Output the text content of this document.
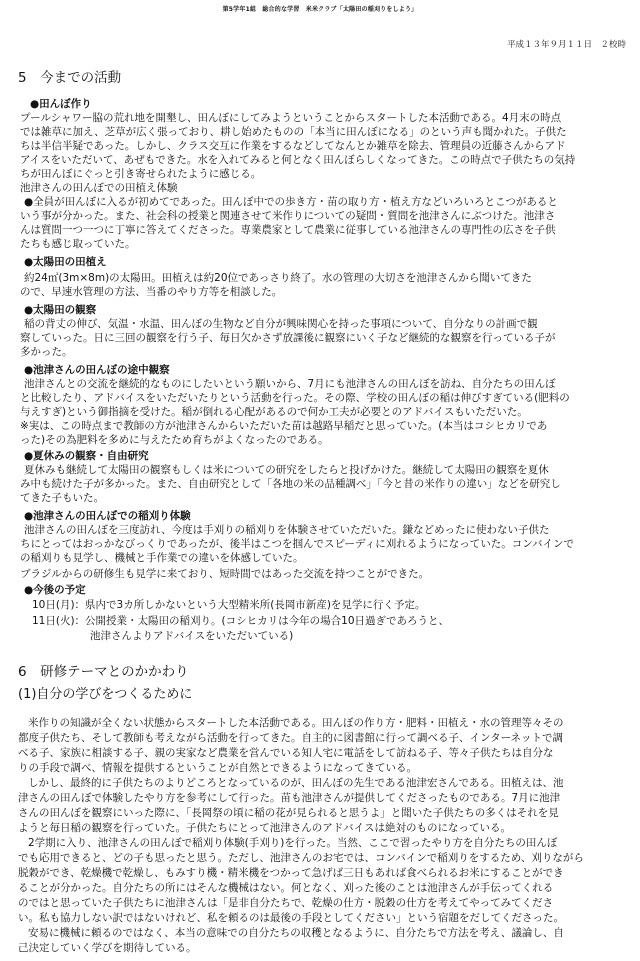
第5学年1組　総合的な学習　米米クラブ「太陽田の稲刈りをしよう」
平成１３年９月１１日　２校時
5　今までの活動
●田んぼ作り
プールシャワー脇の荒れ地を開墾し、田んぼにしてみようということからスタートした本活動である。4月末の時点
では雑草に加え、芝草が広く張っており、耕し始めたものの「本当に田んぼになる」のという声も聞かれた。子供た
ちは半信半疑であった。しかし、クラス交互に作業をするなどしてなんとか雑草を除去、管理員の近藤さんからアド
アイスをいただいて、あぜもできた。水を入れてみると何となく田んぼらしくなってきた。この時点で子供たちの気持
ちが田んぼにぐっと引き寄せられたように感じる。
池津さんの田んぼでの田植え体験
●全員が田んぼに入るが初めてであった。田んぼ中での歩き方・苗の取り方・植え方などいろいろとこつがあると
いう事が分かった。また、社会科の授業と関連させて米作りについての疑問・質問を池津さんにぶつけた。池津さ
んは質問一つ一つに丁寧に答えてくださった。専業農家として農業に従事している池津さんの専門性の広さを子供
たちも感じ取っていた。
●太陽田の田植え
約24㎡(3m×8m)の太陽田。田植えは約20位であっさり終了。水の管理の大切さを池津さんから聞いてきた
ので、早速水管理の方法、当番のやり方等を相談した。
●太陽田の観察
稲の背丈の伸び、気温・水温、田んぼの生物など自分が興味関心を持った事項について、自分なりの計画で観
察していった。日に三回の観察を行う子、毎日欠かさず放課後に観察にいく子など継続的な観察を行っている子が
多かった。
●池津さんの田んぼの途中観察
池津さんとの交流を継続的なものにしたいという願いから、7月にも池津さんの田んぼを訪ね、自分たちの田んぼ
と比較したり、アドバイスをいただいたりという活動を行った。その際、学校の田んぼの稲は伸びすぎている(肥料の
与えすぎ)という御指摘を受けた。稲が倒れる心配があるので何か工夫が必要とのアドバイスもいただいた。
※実は、この時点まで教師の方が池津さんからいただいた苗は越路早稲だと思っていた。(本当はコシヒカリであ
った)その為肥料を多めに与えたため育ちがよくなったのである。
●夏休みの観察・自由研究
夏休みも継続して太陽田の観察もしくは米についての研究をしたらと投げかけた。継続して太陽田の観察を夏休
み中も続けた子が多かった。また、自由研究として「各地の米の品種調べ」「今と昔の米作りの違い」などを研究し
てきた子もいた。
●池津さんの田んぼでの稲刈り体験
池津さんの田んぼを三度訪れ、今度は手刈りの稲刈りを体験させていただいた。鎌などめったに使わない子供た
ちにとってはおっかなびっくりであったが、後半はこつを掴んでスピーディに刈れるようになっていた。コンバインで
の稲刈りも見学し、機械と手作業での違いを体感していた。
ブラジルからの研修生も見学に来ており、短時間ではあった交流を持つことができた。
●今後の予定
10日(月)：県内で3カ所しかないという大型精米所(長岡市新産)を見学に行く予定。
11日(火)：公開授業・太陽田の稲刈り。(コシヒカリは今年の場合10日過ぎであろうと、
池津さんよりアドバイスをいただいている)
6　研修テーマとのかかわり
(1)自分の学びをつくるために
米作りの知識が全くない状態からスタートした本活動である。田んぼの作り方・肥料・田植え・水の管理等々その
都度子供たち、そして教師も考えながら活動を行ってきた。自主的に図書館に行って調べる子、インターネットで調
べる子、家族に相談する子、親の実家など農業を営んでいる知人宅に電話をして訪ねる子、等々子供たちは自分な
りの手段で調べ、情報を提供するということが自然とできるようになってきている。
しかし、最終的に子供たちのよりどころとなっているのが、田んぼの先生である池津宏さんである。田植えは、池
津さんの田んぼで体験したやり方を参考にして行った。苗も池津さんが提供してくださったものである。7月に池津
さんの田んぼを観察にいった際に、「長岡祭の頃に稲の花が見られると思うよ」と聞いた子供たちの多くはそれを見
ようと毎日稲の観察を行っていた。子供たちにとって池津さんのアドバイスは絶対のものになっている。
2学期に入り、池津さんの田んぼで稲刈り体験(手刈り)を行った。当然、ここで習ったやり方を自分たちの田んぼ
でも応用できると、どの子も思ったと思う。ただし、池津さんのお宅では、コンバインで稲刈りをするため、刈りながら
脱穀ができ、乾燥機で乾燥し、もみすり機・精米機をつかって急げば三日もあれば食べられるお米にすることができ
ることが分かった。自分たちの所にはそんな機械はない。何となく、刈った後のことは池津さんが手伝ってくれる
のではと思っていた子供たちに池津さんは「是非自分たちで、乾燥の仕方・脱穀の仕方を考えてやってみてくださ
い。私も協力しない訳ではないけれど、私を頼るのは最後の手段としてください」という宿題をだしてくださった。
安易に機械に頼るのではなく、本当の意味での自分たちの収穫となるように、自分たちで方法を考え、議論し、自
己決定していく学びを期待している。
